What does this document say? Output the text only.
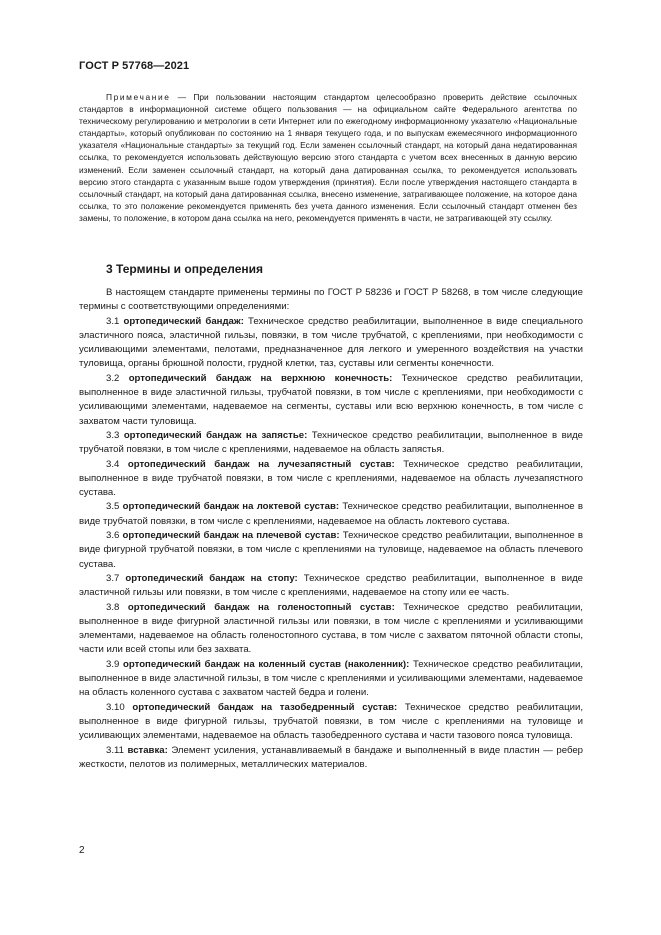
ГОСТ Р 57768—2021

Примечание — При пользовании настоящим стандартом целесообразно проверить действие ссылочных стандартов в информационной системе общего пользования — на официальном сайте Федерального агентства по техническому регулированию и метрологии в сети Интернет или по ежегодному информационному указателю «Национальные стандарты», который опубликован по состоянию на 1 января текущего года, и по выпускам ежемесячного информационного указателя «Национальные стандарты» за текущий год. Если заменен ссылочный стандарт, на который дана недатированная ссылка, то рекомендуется использовать действующую версию этого стандарта с учетом всех внесенных в данную версию изменений. Если заменен ссылочный стандарт, на который дана датированная ссылка, то рекомендуется использовать версию этого стандарта с указанным выше годом утверждения (принятия). Если после утверждения настоящего стандарта в ссылочный стандарт, на который дана датированная ссылка, внесено изменение, затрагивающее положение, на которое дана ссылка, то это положение рекомендуется применять без учета данного изменения. Если ссылочный стандарт отменен без замены, то положение, в котором дана ссылка на него, рекомендуется применять в части, не затрагивающей эту ссылку.

3 Термины и определения

В настоящем стандарте применены термины по ГОСТ Р 58236 и ГОСТ Р 58268, в том числе следующие термины с соответствующими определениями:

3.1 ортопедический бандаж: Техническое средство реабилитации, выполненное в виде специального эластичного пояса, эластичной гильзы, повязки, в том числе трубчатой, с креплениями, при необходимости с усиливающими элементами, пелотами, предназначенное для легкого и умеренного воздействия на участки туловища, органы брюшной полости, грудной клетки, таз, суставы или сегменты конечности.

3.2 ортопедический бандаж на верхнюю конечность: Техническое средство реабилитации, выполненное в виде эластичной гильзы, трубчатой повязки, в том числе с креплениями, при необходимости с усиливающими элементами, надеваемое на сегменты, суставы или всю верхнюю конечность, в том числе с захватом части туловища.

3.3 ортопедический бандаж на запястье: Техническое средство реабилитации, выполненное в виде трубчатой повязки, в том числе с креплениями, надеваемое на область запястья.

3.4 ортопедический бандаж на лучезапястный сустав: Техническое средство реабилитации, выполненное в виде трубчатой повязки, в том числе с креплениями, надеваемое на область лучезапястного сустава.

3.5 ортопедический бандаж на локтевой сустав: Техническое средство реабилитации, выполненное в виде трубчатой повязки, в том числе с креплениями, надеваемое на область локтевого сустава.

3.6 ортопедический бандаж на плечевой сустав: Техническое средство реабилитации, выполненное в виде фигурной трубчатой повязки, в том числе с креплениями на туловище, надеваемое на область плечевого сустава.

3.7 ортопедический бандаж на стопу: Техническое средство реабилитации, выполненное в виде эластичной гильзы или повязки, в том числе с креплениями, надеваемое на стопу или ее часть.

3.8 ортопедический бандаж на голеностопный сустав: Техническое средство реабилитации, выполненное в виде фигурной эластичной гильзы или повязки, в том числе с креплениями и усиливающими элементами, надеваемое на область голеностопного сустава, в том числе с захватом пяточной области стопы, части или всей стопы или без захвата.

3.9 ортопедический бандаж на коленный сустав (наколенник): Техническое средство реабилитации, выполненное в виде эластичной гильзы, в том числе с креплениями и усиливающими элементами, надеваемое на область коленного сустава с захватом частей бедра и голени.

3.10 ортопедический бандаж на тазобедренный сустав: Техническое средство реабилитации, выполненное в виде фигурной гильзы, трубчатой повязки, в том числе с креплениями на туловище и усиливающих элементами, надеваемое на область тазобедренного сустава и части тазового пояса туловища.

3.11 вставка: Элемент усиления, устанавливаемый в бандаже и выполненный в виде пластин — ребер жесткости, пелотов из полимерных, металлических материалов.

2
